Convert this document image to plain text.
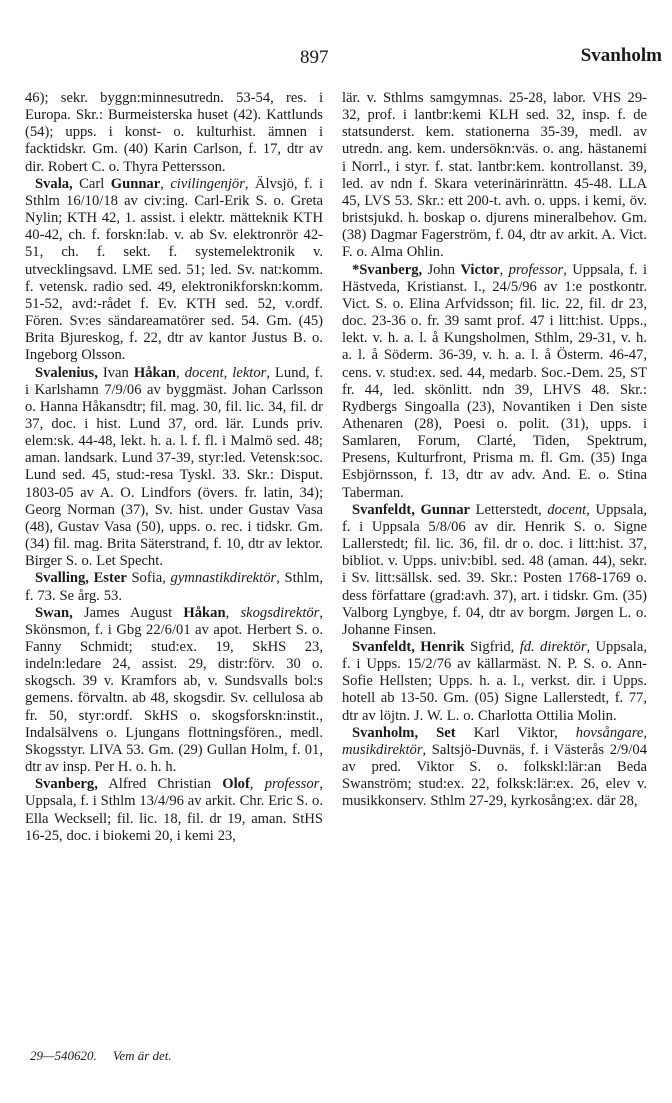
897	Svanholm

46); sekr. byggn:minnesutredn. 53-54, res. i Europa. Skr.: Burmeisterska huset (42). Kattlunds (54); upps. i konst- o. kulturhist. ämnen i facktidskr. Gm. (40) Karin Carlson, f. 17, dtr av dir. Robert C. o. Thyra Pettersson.

Svala, Carl Gunnar, civilingenjör, Älvsjö, f. i Sthlm 16/10/18 av civ:ing. Carl-Erik S. o. Greta Nylin; KTH 42, 1. assist. i elektr. mätteknik KTH 40-42, ch. f. forskn:lab. v. ab Sv. elektronrör 42-51, ch. f. sekt. f. systemelektronik v. utvecklingsavd. LME sed. 51; led. Sv. nat:komm. f. vetensk. radio sed. 49, elektronikforskn:komm. 51-52, avd:-rådet f. Ev. KTH sed. 52, v.ordf. Fören. Sv:es sändareamatörer sed. 54. Gm. (45) Brita Bjureskog, f. 22, dtr av kantor Justus B. o. Ingeborg Olsson.

Svalenius, Ivan Håkan, docent, lektor, Lund, f. i Karlshamn 7/9/06 av byggmäst. Johan Carlsson o. Hanna Håkansdtr; fil. mag. 30, fil. lic. 34, fil. dr 37, doc. i hist. Lund 37, ord. lär. Lunds priv. elem:sk. 44-48, lekt. h. a. l. f. fl. i Malmö sed. 48; aman. landsark. Lund 37-39, styr:led. Vetensk:soc. Lund sed. 45, stud:-resa Tyskl. 33. Skr.: Disput. 1803-05 av A. O. Lindfors (övers. fr. latin, 34); Georg Norman (37), Sv. hist. under Gustav Vasa (48), Gustav Vasa (50), upps. o. rec. i tidskr. Gm. (34) fil. mag. Brita Säterstrand, f. 10, dtr av lektor. Birger S. o. Let Specht.

Svalling, Ester Sofia, gymnastikdirektör, Sthlm, f. 73. Se årg. 53.

Swan, James August Håkan, skogsdirektör, Skönsmon, f. i Gbg 22/6/01 av apot. Herbert S. o. Fanny Schmidt; stud:ex. 19, SkHS 23, indeln:ledare 24, assist. 29, distr:förv. 30 o. skogsch. 39 v. Kramfors ab, v. Sundsvalls bol:s gemens. förvaltn. ab 48, skogsdir. Sv. cellulosa ab fr. 50, styr:ordf. SkHS o. skogsforskn:instit., Indalsälvens o. Ljungans flottningsfören., medl. Skogsstyr. LIVA 53. Gm. (29) Gullan Holm, f. 01, dtr av insp. Per H. o. h. h.

Svanberg, Alfred Christian Olof, professor, Uppsala, f. i Sthlm 13/4/96 av arkit. Chr. Eric S. o. Ella Wecksell; fil. lic. 18, fil. dr 19, aman. StHS 16-25, doc. i biokemi 20, i kemi 23,

lär. v. Sthlms samgymnas. 25-28, labor. VHS 29-32, prof. i lantbr:kemi KLH sed. 32, insp. f. de statsunderst. kem. stationerna 35-39, medl. av utredn. ang. kem. undersökn:väs. o. ang. hästanemi i Norrl., i styr. f. stat. lantbr:kem. kontrollanst. 39, led. av ndn f. Skara veterinärinrättn. 45-48. LLA 45, LVS 53. Skr.: ett 200-t. avh. o. upps. i kemi, öv. bristsjukd. h. boskap o. djurens mineralbehov. Gm. (38) Dagmar Fagerström, f. 04, dtr av arkit. A. Vict. F. o. Alma Ohlin.

*Svanberg, John Victor, professor, Uppsala, f. i Hästveda, Kristianst. l., 24/5/96 av 1:e postkontr. Vict. S. o. Elina Arfvidsson; fil. lic. 22, fil. dr 23, doc. 23-36 o. fr. 39 samt prof. 47 i litt:hist. Upps., lekt. v. h. a. l. å Kungsholmen, Sthlm, 29-31, v. h. a. l. å Söderm. 36-39, v. h. a. l. å Österm. 46-47, cens. v. stud:ex. sed. 44, medarb. Soc.-Dem. 25, ST fr. 44, led. skönlitt. ndn 39, LHVS 48. Skr.: Rydbergs Singoalla (23), Novantiken i Den siste Athenaren (28), Poesi o. polit. (31), upps. i Samlaren, Forum, Clarté, Tiden, Spektrum, Presens, Kulturfront, Prisma m. fl. Gm. (35) Inga Esbjörnsson, f. 13, dtr av adv. And. E. o. Stina Taberman.

Svanfeldt, Gunnar Letterstedt, docent, Uppsala, f. i Uppsala 5/8/06 av dir. Henrik S. o. Signe Lallerstedt; fil. lic. 36, fil. dr o. doc. i litt:hist. 37, bibliot. v. Upps. univ:bibl. sed. 48 (aman. 44), sekr. i Sv. litt:sällsk. sed. 39. Skr.: Posten 1768-1769 o. dess författare (grad:avh. 37), art. i tidskr. Gm. (35) Valborg Lyngbye, f. 04, dtr av borgm. Jørgen L. o. Johanne Finsen.

Svanfeldt, Henrik Sigfrid, fd. direktör, Uppsala, f. i Upps. 15/2/76 av källarmäst. N. P. S. o. Ann-Sofie Hellsten; Upps. h. a. l., verkst. dir. i Upps. hotell ab 13-50. Gm. (05) Signe Lallerstedt, f. 77, dtr av löjtn. J. W. L. o. Charlotta Ottilia Molin.

Svanholm, Set Karl Viktor, hovsångare, musikdirektör, Saltsjö-Duvnäs, f. i Västerås 2/9/04 av pred. Viktor S. o. folkskl:lär:an Beda Swanström; stud:ex. 22, folksk:lär:ex. 26, elev v. musikkonserv. Sthlm 27-29, kyrkosång:ex. där 28,

29—540620. Vem är det.
